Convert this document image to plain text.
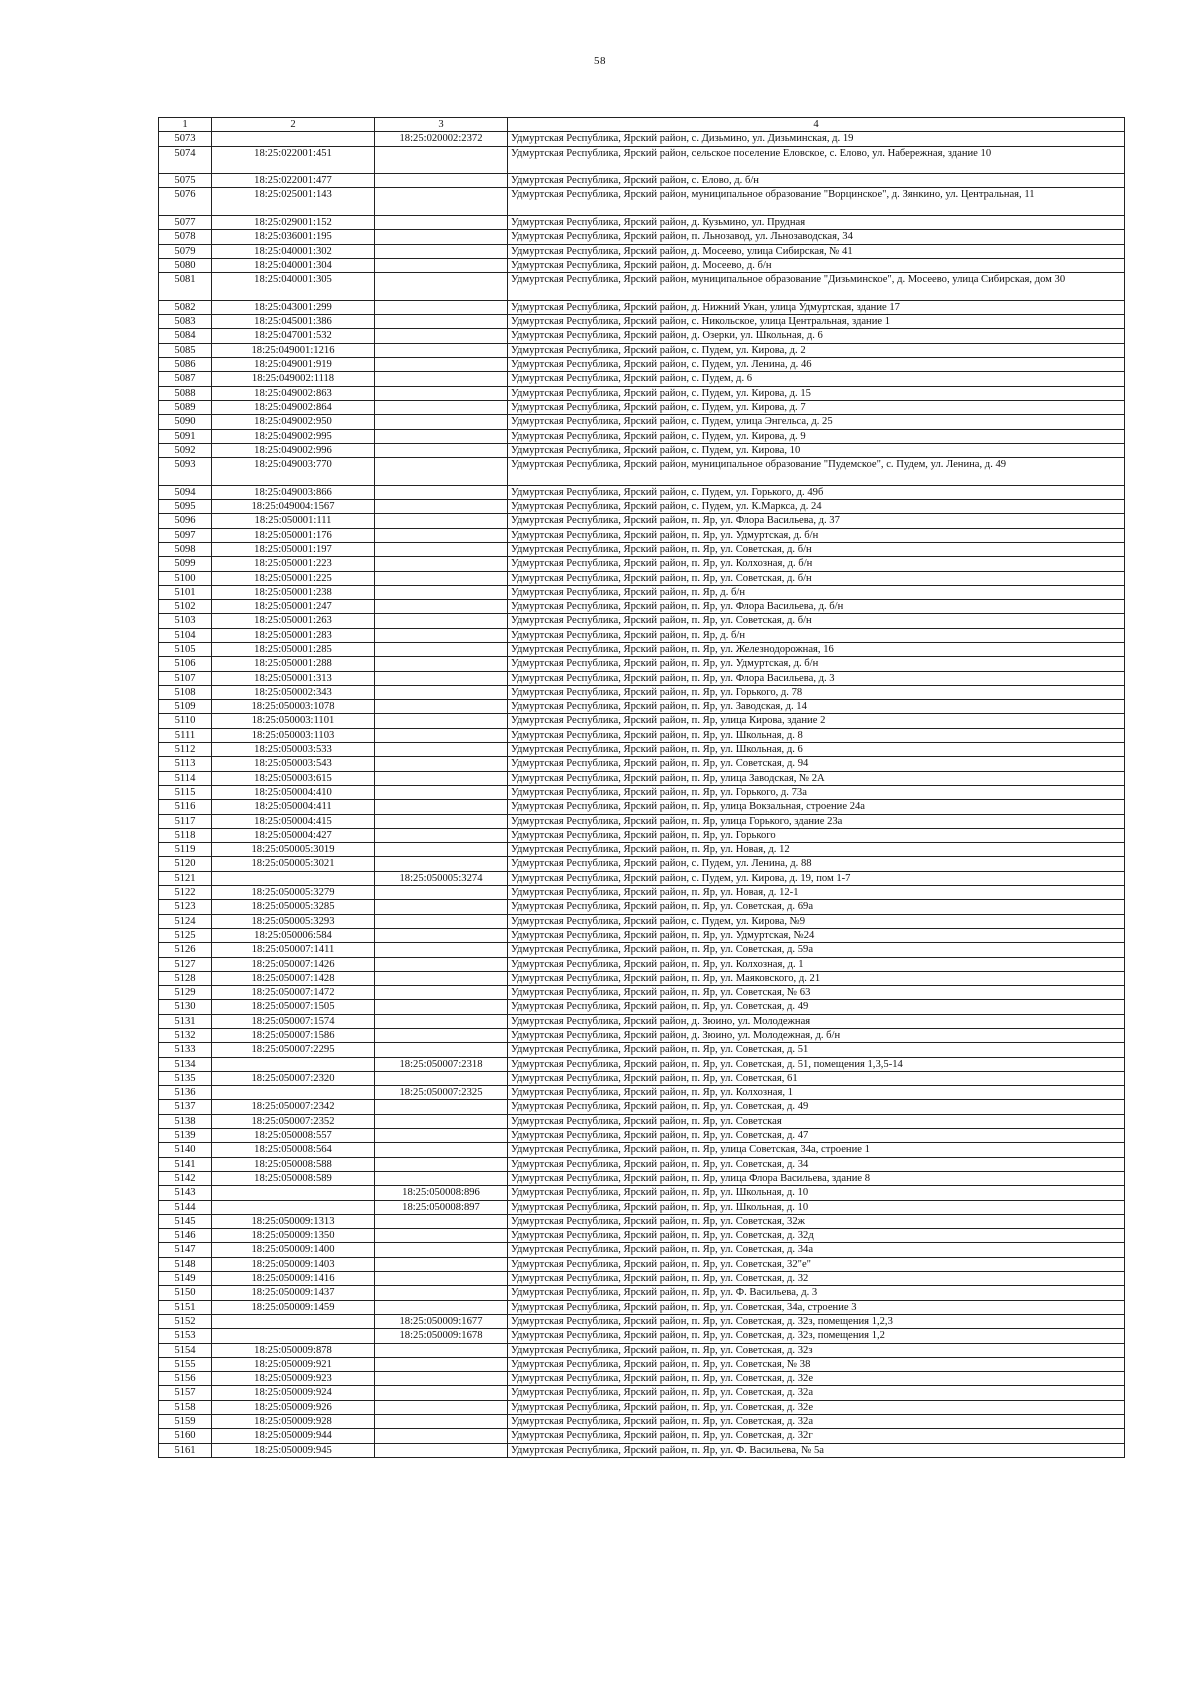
58
1	2	3	4
5073		18:25:020002:2372	Удмуртская Республика, Ярский район, с. Дизьмино, ул. Дизьминская, д. 19
5074	18:25:022001:451		Удмуртская Республика, Ярский район, сельское поселение Еловское, с. Елово, ул. Набережная, здание 10
5075	18:25:022001:477		Удмуртская Республика, Ярский район, с. Елово, д. б/н
5076	18:25:025001:143		Удмуртская Республика, Ярский район, муниципальное образование "Ворцинское", д. Зянкино, ул. Центральная, 11
5077	18:25:029001:152		Удмуртская Республика, Ярский район, д. Кузьмино, ул. Прудная
5078	18:25:036001:195		Удмуртская Республика, Ярский район, п. Льнозавод, ул. Льнозаводская, 34
5079	18:25:040001:302		Удмуртская Республика, Ярский район, д. Мосеево, улица Сибирская, № 41
5080	18:25:040001:304		Удмуртская Республика, Ярский район, д. Мосеево, д. б/н
5081	18:25:040001:305		Удмуртская Республика, Ярский район, муниципальное образование "Дизьминское", д. Мосеево, улица Сибирская, дом 30
5082	18:25:043001:299		Удмуртская Республика, Ярский район, д. Нижний Укан, улица Удмуртская, здание 17
5083	18:25:045001:386		Удмуртская Республика, Ярский район, с. Никольское, улица Центральная, здание 1
5084	18:25:047001:532		Удмуртская Республика, Ярский район, д. Озерки, ул. Школьная, д. 6
5085	18:25:049001:1216		Удмуртская Республика, Ярский район, с. Пудем, ул. Кирова, д. 2
5086	18:25:049001:919		Удмуртская Республика, Ярский район, с. Пудем, ул. Ленина, д. 46
5087	18:25:049002:1118		Удмуртская Республика, Ярский район, с. Пудем, д. 6
5088	18:25:049002:863		Удмуртская Республика, Ярский район, с. Пудем, ул. Кирова, д. 15
5089	18:25:049002:864		Удмуртская Республика, Ярский район, с. Пудем, ул. Кирова, д. 7
5090	18:25:049002:950		Удмуртская Республика, Ярский район, с. Пудем, улица Энгельса, д. 25
5091	18:25:049002:995		Удмуртская Республика, Ярский район, с. Пудем, ул. Кирова, д. 9
5092	18:25:049002:996		Удмуртская Республика, Ярский район, с. Пудем, ул. Кирова, 10
5093	18:25:049003:770		Удмуртская Республика, Ярский район, муниципальное образование "Пудемское", с. Пудем, ул. Ленина, д. 49
5094	18:25:049003:866		Удмуртская Республика, Ярский район, с. Пудем, ул. Горького, д. 49б
5095	18:25:049004:1567		Удмуртская Республика, Ярский район, с. Пудем, ул. К.Маркса, д. 24
5096	18:25:050001:111		Удмуртская Республика, Ярский район, п. Яр, ул. Флора Васильева, д. 37
5097	18:25:050001:176		Удмуртская Республика, Ярский район, п. Яр, ул. Удмуртская, д. б/н
5098	18:25:050001:197		Удмуртская Республика, Ярский район, п. Яр, ул. Советская, д. б/н
5099	18:25:050001:223		Удмуртская Республика, Ярский район, п. Яр, ул. Колхозная, д. б/н
5100	18:25:050001:225		Удмуртская Республика, Ярский район, п. Яр, ул. Советская, д. б/н
5101	18:25:050001:238		Удмуртская Республика, Ярский район, п. Яр, д. б/н
5102	18:25:050001:247		Удмуртская Республика, Ярский район, п. Яр, ул. Флора Васильева, д. б/н
5103	18:25:050001:263		Удмуртская Республика, Ярский район, п. Яр, ул. Советская, д. б/н
5104	18:25:050001:283		Удмуртская Республика, Ярский район, п. Яр, д. б/н
5105	18:25:050001:285		Удмуртская Республика, Ярский район, п. Яр, ул. Железнодорожная, 16
5106	18:25:050001:288		Удмуртская Республика, Ярский район, п. Яр, ул. Удмуртская, д. б/н
5107	18:25:050001:313		Удмуртская Республика, Ярский район, п. Яр, ул. Флора Васильева, д. 3
5108	18:25:050002:343		Удмуртская Республика, Ярский район, п. Яр, ул. Горького, д. 78
5109	18:25:050003:1078		Удмуртская Республика, Ярский район, п. Яр, ул. Заводская, д. 14
5110	18:25:050003:1101		Удмуртская Республика, Ярский район, п. Яр, улица Кирова, здание 2
5111	18:25:050003:1103		Удмуртская Республика, Ярский район, п. Яр, ул. Школьная, д. 8
5112	18:25:050003:533		Удмуртская Республика, Ярский район, п. Яр, ул. Школьная, д. 6
5113	18:25:050003:543		Удмуртская Республика, Ярский район, п. Яр, ул. Советская, д. 94
5114	18:25:050003:615		Удмуртская Республика, Ярский район, п. Яр, улица Заводская, № 2А
5115	18:25:050004:410		Удмуртская Республика, Ярский район, п. Яр, ул. Горького, д. 73а
5116	18:25:050004:411		Удмуртская Республика, Ярский район, п. Яр, улица Вокзальная, строение 24а
5117	18:25:050004:415		Удмуртская Республика, Ярский район, п. Яр, улица Горького, здание 23а
5118	18:25:050004:427		Удмуртская Республика, Ярский район, п. Яр, ул. Горького
5119	18:25:050005:3019		Удмуртская Республика, Ярский район, п. Яр, ул. Новая, д. 12
5120	18:25:050005:3021		Удмуртская Республика, Ярский район, с. Пудем, ул. Ленина, д. 88
5121		18:25:050005:3274	Удмуртская Республика, Ярский район, с. Пудем, ул. Кирова, д. 19, пом 1-7
5122	18:25:050005:3279		Удмуртская Республика, Ярский район, п. Яр, ул. Новая, д. 12-1
5123	18:25:050005:3285		Удмуртская Республика, Ярский район, п. Яр, ул. Советская, д. 69а
5124	18:25:050005:3293		Удмуртская Республика, Ярский район, с. Пудем, ул. Кирова, №9
5125	18:25:050006:584		Удмуртская Республика, Ярский район, п. Яр, ул. Удмуртская, №24
5126	18:25:050007:1411		Удмуртская Республика, Ярский район, п. Яр, ул. Советская, д. 59а
5127	18:25:050007:1426		Удмуртская Республика, Ярский район, п. Яр, ул. Колхозная, д. 1
5128	18:25:050007:1428		Удмуртская Республика, Ярский район, п. Яр, ул. Маяковского, д. 21
5129	18:25:050007:1472		Удмуртская Республика, Ярский район, п. Яр, ул. Советская, № 63
5130	18:25:050007:1505		Удмуртская Республика, Ярский район, п. Яр, ул. Советская, д. 49
5131	18:25:050007:1574		Удмуртская Республика, Ярский район, д. Зюино, ул. Молодежная
5132	18:25:050007:1586		Удмуртская Республика, Ярский район, д. Зюино, ул. Молодежная, д. б/н
5133	18:25:050007:2295		Удмуртская Республика, Ярский район, п. Яр, ул. Советская, д. 51
5134		18:25:050007:2318	Удмуртская Республика, Ярский район, п. Яр, ул. Советская, д. 51, помещения 1,3,5-14
5135	18:25:050007:2320		Удмуртская Республика, Ярский район, п. Яр, ул. Советская, 61
5136		18:25:050007:2325	Удмуртская Республика, Ярский район, п. Яр, ул. Колхозная, 1
5137	18:25:050007:2342		Удмуртская Республика, Ярский район, п. Яр, ул. Советская, д. 49
5138	18:25:050007:2352		Удмуртская Республика, Ярский район, п. Яр, ул. Советская
5139	18:25:050008:557		Удмуртская Республика, Ярский район, п. Яр, ул. Советская, д. 47
5140	18:25:050008:564		Удмуртская Республика, Ярский район, п. Яр, улица Советская, 34а, строение 1
5141	18:25:050008:588		Удмуртская Республика, Ярский район, п. Яр, ул. Советская, д. 34
5142	18:25:050008:589		Удмуртская Республика, Ярский район, п. Яр, улица Флора Васильева, здание 8
5143		18:25:050008:896	Удмуртская Республика, Ярский район, п. Яр, ул. Школьная, д. 10
5144		18:25:050008:897	Удмуртская Республика, Ярский район, п. Яр, ул. Школьная, д. 10
5145	18:25:050009:1313		Удмуртская Республика, Ярский район, п. Яр, ул. Советская, 32ж
5146	18:25:050009:1350		Удмуртская Республика, Ярский район, п. Яр, ул. Советская, д. 32д
5147	18:25:050009:1400		Удмуртская Республика, Ярский район, п. Яр, ул. Советская, д. 34а
5148	18:25:050009:1403		Удмуртская Республика, Ярский район, п. Яр, ул. Советская, 32"е"
5149	18:25:050009:1416		Удмуртская Республика, Ярский район, п. Яр, ул. Советская, д. 32
5150	18:25:050009:1437		Удмуртская Республика, Ярский район, п. Яр, ул. Ф. Васильева, д. 3
5151	18:25:050009:1459		Удмуртская Республика, Ярский район, п. Яр, ул. Советская, 34а, строение 3
5152		18:25:050009:1677	Удмуртская Республика, Ярский район, п. Яр, ул. Советская, д. 32з, помещения 1,2,3
5153		18:25:050009:1678	Удмуртская Республика, Ярский район, п. Яр, ул. Советская, д. 32з, помещения 1,2
5154	18:25:050009:878		Удмуртская Республика, Ярский район, п. Яр, ул. Советская, д. 32з
5155	18:25:050009:921		Удмуртская Республика, Ярский район, п. Яр, ул. Советская, № 38
5156	18:25:050009:923		Удмуртская Республика, Ярский район, п. Яр, ул. Советская, д. 32е
5157	18:25:050009:924		Удмуртская Республика, Ярский район, п. Яр, ул. Советская, д. 32а
5158	18:25:050009:926		Удмуртская Республика, Ярский район, п. Яр, ул. Советская, д. 32е
5159	18:25:050009:928		Удмуртская Республика, Ярский район, п. Яр, ул. Советская, д. 32а
5160	18:25:050009:944		Удмуртская Республика, Ярский район, п. Яр, ул. Советская, д. 32г
5161	18:25:050009:945		Удмуртская Республика, Ярский район, п. Яр, ул. Ф. Васильева, № 5а
